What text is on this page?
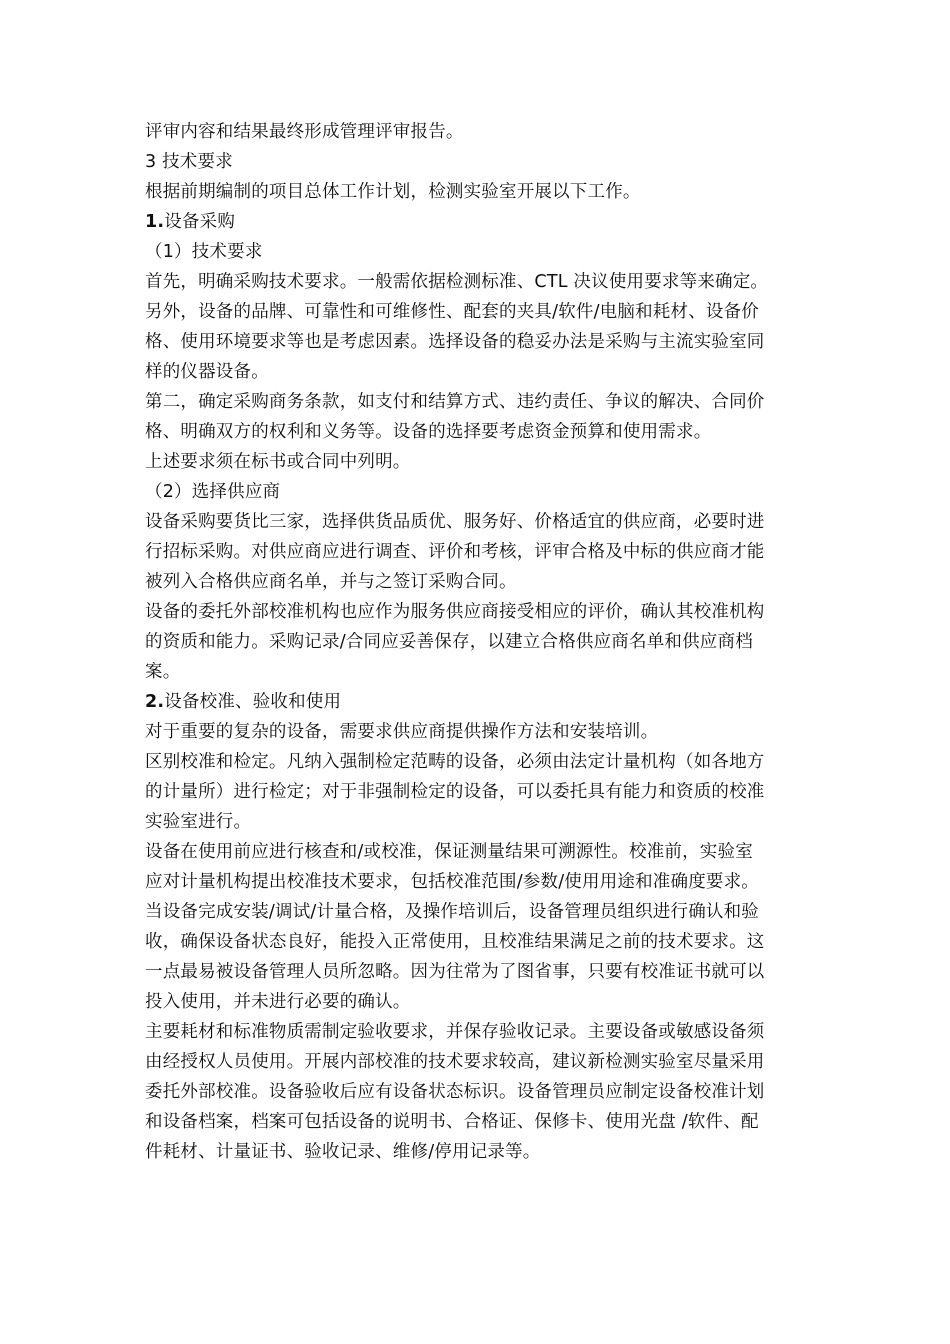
评审内容和结果最终形成管理评审报告。
3 技术要求
根据前期编制的项目总体工作计划，检测实验室开展以下工作。
1.设备采购
（1）技术要求
首先，明确采购技术要求。一般需依据检测标准、CTL 决议使用要求等来确定。
另外，设备的品牌、可靠性和可维修性、配套的夹具/软件/电脑和耗材、设备价
格、使用环境要求等也是考虑因素。选择设备的稳妥办法是采购与主流实验室同
样的仪器设备。
第二，确定采购商务条款，如支付和结算方式、违约责任、争议的解决、合同价
格、明确双方的权利和义务等。设备的选择要考虑资金预算和使用需求。
上述要求须在标书或合同中列明。
（2）选择供应商
设备采购要货比三家，选择供货品质优、服务好、价格适宜的供应商，必要时进
行招标采购。对供应商应进行调查、评价和考核，评审合格及中标的供应商才能
被列入合格供应商名单，并与之签订采购合同。
设备的委托外部校准机构也应作为服务供应商接受相应的评价，确认其校准机构
的资质和能力。采购记录/合同应妥善保存，以建立合格供应商名单和供应商档
案。
2.设备校准、验收和使用
对于重要的复杂的设备，需要求供应商提供操作方法和安装培训。
区别校准和检定。凡纳入强制检定范畴的设备，必须由法定计量机构（如各地方
的计量所）进行检定；对于非强制检定的设备，可以委托具有能力和资质的校准
实验室进行。
设备在使用前应进行核查和/或校准，保证测量结果可溯源性。校准前，实验室
应对计量机构提出校准技术要求，包括校准范围/参数/使用用途和准确度要求。
当设备完成安装/调试/计量合格，及操作培训后，设备管理员组织进行确认和验
收，确保设备状态良好，能投入正常使用，且校准结果满足之前的技术要求。这
一点最易被设备管理人员所忽略。因为往常为了图省事，只要有校准证书就可以
投入使用，并未进行必要的确认。
主要耗材和标准物质需制定验收要求，并保存验收记录。主要设备或敏感设备须
由经授权人员使用。开展内部校准的技术要求较高，建议新检测实验室尽量采用
委托外部校准。设备验收后应有设备状态标识。设备管理员应制定设备校准计划
和设备档案，档案可包括设备的说明书、合格证、保修卡、使用光盘 /软件、配
件耗材、计量证书、验收记录、维修/停用记录等。
